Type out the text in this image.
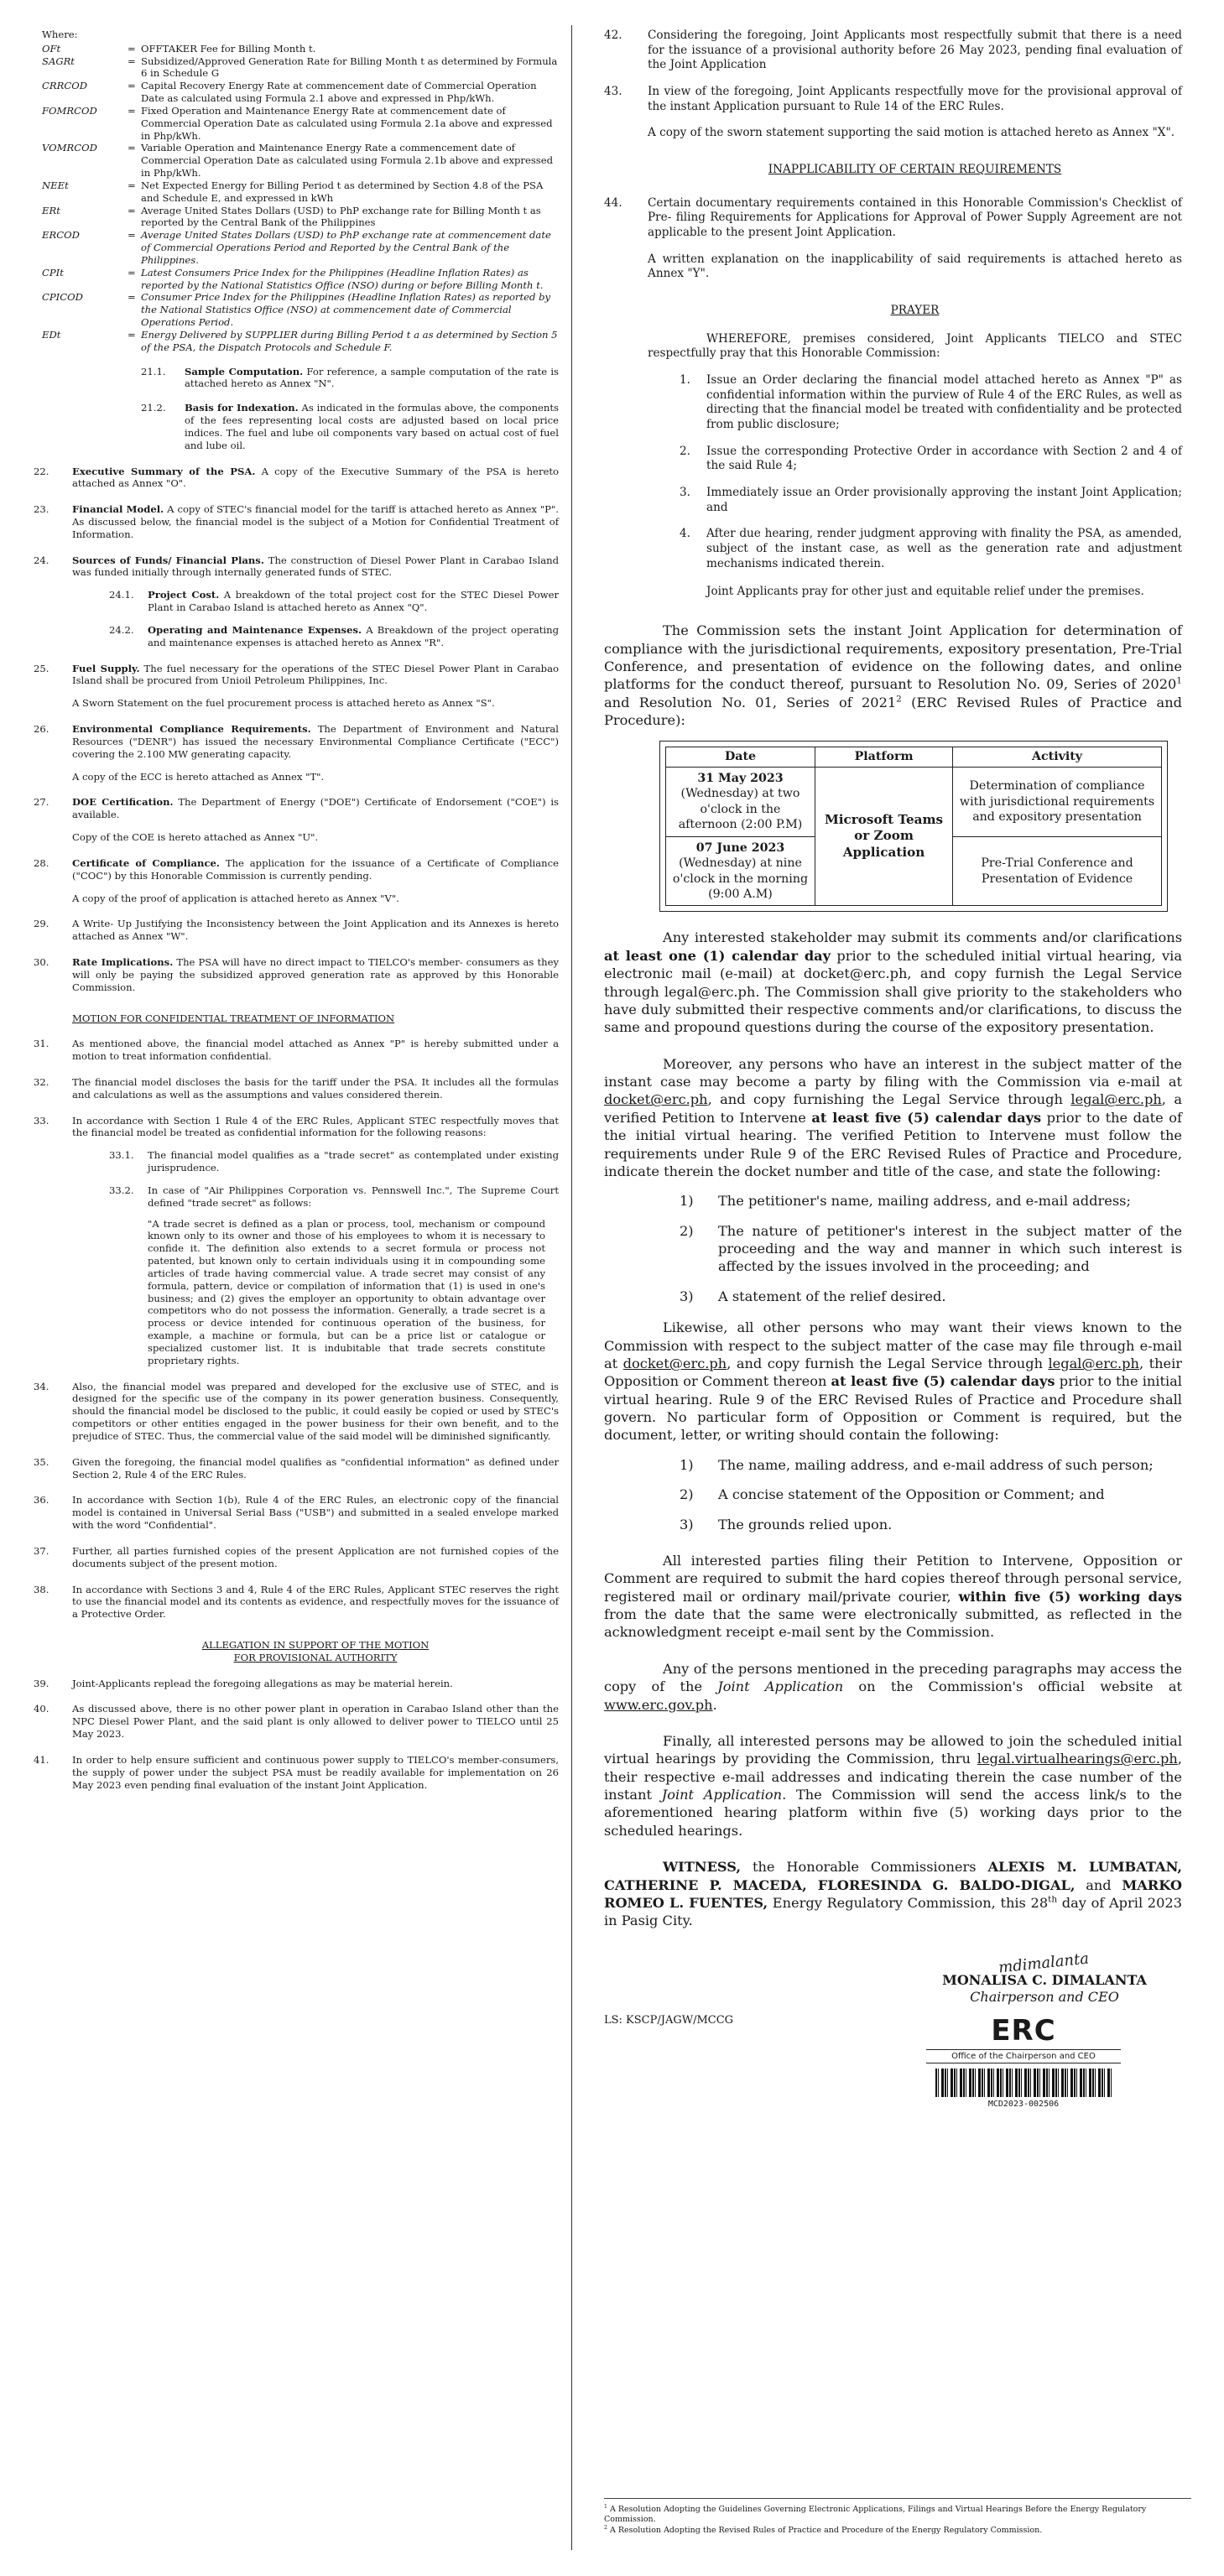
Where:

OFt	= OFFTAKER Fee for Billing Month t.
SAGRt	= Subsidized/Approved Generation Rate for Billing Month t as determined by Formula 6 in Schedule G
CRRCOD	= Capital Recovery Energy Rate at commencement date of Commercial Operation Date as calculated using Formula 2.1 above and expressed in Php/kWh.
FOMRCOD	= Fixed Operation and Maintenance Energy Rate at commencement date of Commercial Operation Date as calculated using Formula 2.1a above and expressed in Php/kWh.
VOMRCOD	= Variable Operation and Maintenance Energy Rate a commencement date of Commercial Operation Date as calculated using Formula 2.1b above and expressed in Php/kWh.
NEEt	= Net Expected Energy for Billing Period t as determined by Section 4.8 of the PSA and Schedule E, and expressed in kWh
ERt	= Average United States Dollars (USD) to PhP exchange rate for Billing Month t as reported by the Central Bank of the Philippines
ERCOD	= Average United States Dollars (USD) to PhP exchange rate at commencement date of Commercial Operations Period and Reported by the Central Bank of the Philippines.
CPIt	= Latest Consumers Price Index for the Philippines (Headline Inflation Rates) as reported by the National Statistics Office (NSO) during or before Billing Month t.
CPICOD	= Consumer Price Index for the Philippines (Headline Inflation Rates) as reported by the National Statistics Office (NSO) at commencement date of Commercial Operations Period.
EDt	= Energy Delivered by SUPPLIER during Billing Period t a as determined by Section 5 of the PSA, the Dispatch Protocols and Schedule F.
21.1.	Sample Computation. For reference, a sample computation of the rate is attached hereto as Annex "N".
21.2.	Basis for Indexation. As indicated in the formulas above, the components of the fees representing local costs are adjusted based on local price indices. The fuel and lube oil components vary based on actual cost of fuel and lube oil.
22.	Executive Summary of the PSA. A copy of the Executive Summary of the PSA is hereto attached as Annex "O".
23.	Financial Model. A copy of STEC's financial model for the tariff is attached hereto as Annex "P". As discussed below, the financial model is the subject of a Motion for Confidential Treatment of Information.
24.	Sources of Funds/ Financial Plans. The construction of Diesel Power Plant in Carabao Island was funded initially through internally generated funds of STEC.
24.1.	Project Cost. A breakdown of the total project cost for the STEC Diesel Power Plant in Carabao Island is attached hereto as Annex "Q".
24.2.	Operating and Maintenance Expenses. A Breakdown of the project operating and maintenance expenses is attached hereto as Annex "R".
25.	Fuel Supply. The fuel necessary for the operations of the STEC Diesel Power Plant in Carabao Island shall be procured from Unioil Petroleum Philippines, Inc.

A Sworn Statement on the fuel procurement process is attached hereto as Annex "S".

26.	Environmental Compliance Requirements. The Department of Environment and Natural Resources ("DENR") has issued the necessary Environmental Compliance Certificate ("ECC") covering the 2.100 MW generating capacity.

A copy of the ECC is hereto attached as Annex "T".

27.	DOE Certification. The Department of Energy ("DOE") Certificate of Endorsement ("COE") is available.

Copy of the COE is hereto attached as Annex "U".

28.	Certificate of Compliance. The application for the issuance of a Certificate of Compliance ("COC") by this Honorable Commission is currently pending.

A copy of the proof of application is attached hereto as Annex "V".

29.	A Write- Up Justifying the Inconsistency between the Joint Application and its Annexes is hereto attached as Annex "W".
30.	Rate Implications. The PSA will have no direct impact to TIELCO's member- consumers as they will only be paying the subsidized approved generation rate as approved by this Honorable Commission.

MOTION FOR CONFIDENTIAL TREATMENT OF INFORMATION

31.	As mentioned above, the financial model attached as Annex "P" is hereby submitted under a motion to treat information confidential.
32.	The financial model discloses the basis for the tariff under the PSA. It includes all the formulas and calculations as well as the assumptions and values considered therein.
33.	In accordance with Section 1 Rule 4 of the ERC Rules, Applicant STEC respectfully moves that the financial model be treated as confidential information for the following reasons:
33.1.	The financial model qualifies as a "trade secret" as contemplated under existing jurisprudence.
33.2.	In case of "Air Philippines Corporation vs. Pennswell Inc.", The Supreme Court defined "trade secret" as follows:

"A trade secret is defined as a plan or process, tool, mechanism or compound known only to its owner and those of his employees to whom it is necessary to confide it. The definition also extends to a secret formula or process not patented, but known only to certain individuals using it in compounding some articles of trade having commercial value. A trade secret may consist of any formula, pattern, device or compilation of information that (1) is used in one's business; and (2) gives the employer an opportunity to obtain advantage over competitors who do not possess the information. Generally, a trade secret is a process or device intended for continuous operation of the business, for example, a machine or formula, but can be a price list or catalogue or specialized customer list. It is indubitable that trade secrets constitute proprietary rights.

34.	Also, the financial model was prepared and developed for the exclusive use of STEC, and is designed for the specific use of the company in its power generation business. Consequently, should the financial model be disclosed to the public, it could easily be copied or used by STEC's competitors or other entities engaged in the power business for their own benefit, and to the prejudice of STEC. Thus, the commercial value of the said model will be diminished significantly.
35.	Given the foregoing, the financial model qualifies as "confidential information" as defined under Section 2, Rule 4 of the ERC Rules.
36.	In accordance with Section 1(b), Rule 4 of the ERC Rules, an electronic copy of the financial model is contained in Universal Serial Bass ("USB") and submitted in a sealed envelope marked with the word "Confidential".
37.	Further, all parties furnished copies of the present Application are not furnished copies of the documents subject of the present motion.
38.	In accordance with Sections 3 and 4, Rule 4 of the ERC Rules, Applicant STEC reserves the right to use the financial model and its contents as evidence, and respectfully moves for the issuance of a Protective Order.

ALLEGATION IN SUPPORT OF THE MOTION

FOR PROVISIONAL AUTHORITY

39.	Joint-Applicants replead the foregoing allegations as may be material herein.
40.	As discussed above, there is no other power plant in operation in Carabao Island other than the NPC Diesel Power Plant, and the said plant is only allowed to deliver power to TIELCO until 25 May 2023.
41.	In order to help ensure sufficient and continuous power supply to TIELCO's member-consumers, the supply of power under the subject PSA must be readily available for implementation on 26 May 2023 even pending final evaluation of the instant Joint Application.
42.	Considering the foregoing, Joint Applicants most respectfully submit that there is a need for the issuance of a provisional authority before 26 May 2023, pending final evaluation of the Joint Application
43.	In view of the foregoing, Joint Applicants respectfully move for the provisional approval of the instant Application pursuant to Rule 14 of the ERC Rules.

A copy of the sworn statement supporting the said motion is attached hereto as Annex "X".

INAPPLICABILITY OF CERTAIN REQUIREMENTS

44.	Certain documentary requirements contained in this Honorable Commission's Checklist of Pre- filing Requirements for Applications for Approval of Power Supply Agreement are not applicable to the present Joint Application.

A written explanation on the inapplicability of said requirements is attached hereto as Annex "Y".

PRAYER

WHEREFORE, premises considered, Joint Applicants TIELCO and STEC respectfully pray that this Honorable Commission:

1.	Issue an Order declaring the financial model attached hereto as Annex "P" as confidential information within the purview of Rule 4 of the ERC Rules, as well as directing that the financial model be treated with confidentiality and be protected from public disclosure;
2.	Issue the corresponding Protective Order in accordance with Section 2 and 4 of the said Rule 4;
3.	Immediately issue an Order provisionally approving the instant Joint Application; and
4.	After due hearing, render judgment approving with finality the PSA, as amended, subject of the instant case, as well as the generation rate and adjustment mechanisms indicated therein.

Joint Applicants pray for other just and equitable relief under the premises.

The Commission sets the instant Joint Application for determination of compliance with the jurisdictional requirements, expository presentation, Pre-Trial Conference, and presentation of evidence on the following dates, and online platforms for the conduct thereof, pursuant to Resolution No. 09, Series of 2020$^1$ and Resolution No. 01, Series of 2021$^2$ (ERC Revised Rules of Practice and Procedure):

Date	Platform	Activity
31 May 2023
(Wednesday) at two o'clock in the afternoon (2:00 P.M)	Microsoft Teams or Zoom Application	Determination of compliance with jurisdictional requirements and expository presentation
07 June 2023
(Wednesday) at nine o'clock in the morning (9:00 A.M)		Pre-Trial Conference and Presentation of Evidence

Any interested stakeholder may submit its comments and/or clarifications at least one (1) calendar day prior to the scheduled initial virtual hearing, via electronic mail (e-mail) at docket@erc.ph, and copy furnish the Legal Service through legal@erc.ph. The Commission shall give priority to the stakeholders who have duly submitted their respective comments and/or clarifications, to discuss the same and propound questions during the course of the expository presentation.

Moreover, any persons who have an interest in the subject matter of the instant case may become a party by filing with the Commission via e-mail at docket@erc.ph, and copy furnishing the Legal Service through legal@erc.ph, a verified Petition to Intervene at least five (5) calendar days prior to the date of the initial virtual hearing. The verified Petition to Intervene must follow the requirements under Rule 9 of the ERC Revised Rules of Practice and Procedure, indicate therein the docket number and title of the case, and state the following:

1)	The petitioner's name, mailing address, and e-mail address;
2)	The nature of petitioner's interest in the subject matter of the proceeding and the way and manner in which such interest is affected by the issues involved in the proceeding; and
3)	A statement of the relief desired.

Likewise, all other persons who may want their views known to the Commission with respect to the subject matter of the case may file through e-mail at docket@erc.ph, and copy furnish the Legal Service through legal@erc.ph, their Opposition or Comment thereon at least five (5) calendar days prior to the initial virtual hearing. Rule 9 of the ERC Revised Rules of Practice and Procedure shall govern. No particular form of Opposition or Comment is required, but the document, letter, or writing should contain the following:

1)	The name, mailing address, and e-mail address of such person;
2)	A concise statement of the Opposition or Comment; and
3)	The grounds relied upon.

All interested parties filing their Petition to Intervene, Opposition or Comment are required to submit the hard copies thereof through personal service, registered mail or ordinary mail/private courier, within five (5) working days from the date that the same were electronically submitted, as reflected in the acknowledgment receipt e-mail sent by the Commission.

Any of the persons mentioned in the preceding paragraphs may access the copy of the Joint Application on the Commission's official website at www.erc.gov.ph.

Finally, all interested persons may be allowed to join the scheduled initial virtual hearings by providing the Commission, thru legal.virtualhearings@erc.ph, their respective e-mail addresses and indicating therein the case number of the instant Joint Application. The Commission will send the access link/s to the aforementioned hearing platform within five (5) working days prior to the scheduled hearings.

WITNESS, the Honorable Commissioners ALEXIS M. LUMBATAN, CATHERINE P. MACEDA, FLORESINDA G. BALDO-DIGAL, and MARKO ROMEO L. FUENTES, Energy Regulatory Commission, this 28th day of April 2023 in Pasig City.

mdimalanta
MONALISA C. DIMALANTA
Chairperson and CEO
LS: KSCP/JAGW/MCCG	ERC
Office of the Chairperson and CEO
MCD2023-002506

$^1$ A Resolution Adopting the Guidelines Governing Electronic Applications, Filings and Virtual Hearings Before the Energy Regulatory Commission.

$^2$ A Resolution Adopting the Revised Rules of Practice and Procedure of the Energy Regulatory Commission.
